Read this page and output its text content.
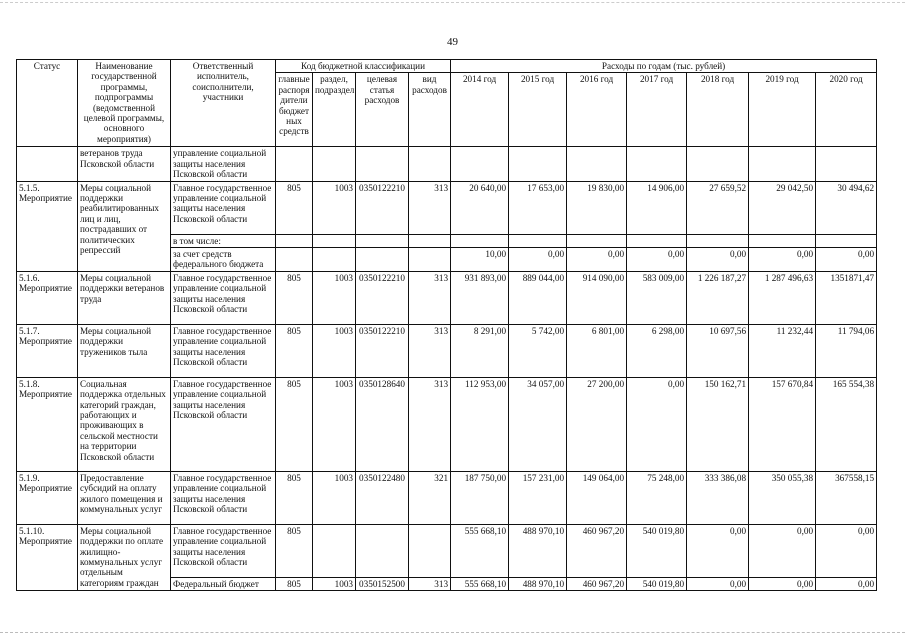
49
Статус	Наименование государственной программы, подпрограммы (ведомственной целевой программы, основного мероприятия)	Ответственный исполнитель, соисполнители, участники	Код бюджетной классификации				Расходы по годам (тыс. рублей)						
			главные распоря дители бюджет ных средств	раздел, подраздел	целевая статья расходов	вид расходов	2014 год	2015 год	2016 год	2017 год	2018 год	2019 год	2020 год
	ветеранов труда Псковской области	управление социальной защиты населения Псковской области											
5.1.5. Мероприятие	Меры социальной поддержки реабилитированных лиц и лиц, пострадавших от политических репрессий	Главное государственное управление социальной защиты населения Псковской области	805	1003	0350122210	313	20 640,00	17 653,00	19 830,00	14 906,00	27 659,52	29 042,50	30 494,62
		в том числе:											
		за счет средств федерального бюджета					10,00	0,00	0,00	0,00	0,00	0,00	0,00
5.1.6. Мероприятие	Меры социальной поддержки ветеранов труда	Главное государственное управление социальной защиты населения Псковской области	805	1003	0350122210	313	931 893,00	889 044,00	914 090,00	583 009,00	1 226 187,27	1 287 496,63	1351871,47
5.1.7. Мероприятие	Меры социальной поддержки тружеников тыла	Главное государственное управление социальной защиты населения Псковской области	805	1003	0350122210	313	8 291,00	5 742,00	6 801,00	6 298,00	10 697,56	11 232,44	11 794,06
5.1.8. Мероприятие	Социальная поддержка отдельных категорий граждан, работающих и проживающих в сельской местности на территории Псковской области	Главное государственное управление социальной защиты населения Псковской области	805	1003	0350128640	313	112 953,00	34 057,00	27 200,00	0,00	150 162,71	157 670,84	165 554,38
5.1.9. Мероприятие	Предоставление субсидий на оплату жилого помещения и коммунальных услуг	Главное государственное управление социальной защиты населения Псковской области	805	1003	0350122480	321	187 750,00	157 231,00	149 064,00	75 248,00	333 386,08	350 055,38	367558,15
5.1.10. Мероприятие	Меры социальной поддержки по оплате жилищно-коммунальных услуг отдельным категориям граждан	Главное государственное управление социальной защиты населения Псковской области	805				555 668,10	488 970,10	460 967,20	540 019,80	0,00	0,00	0,00
		Федеральный бюджет	805	1003	0350152500	313	555 668,10	488 970,10	460 967,20	540 019,80	0,00	0,00	0,00
